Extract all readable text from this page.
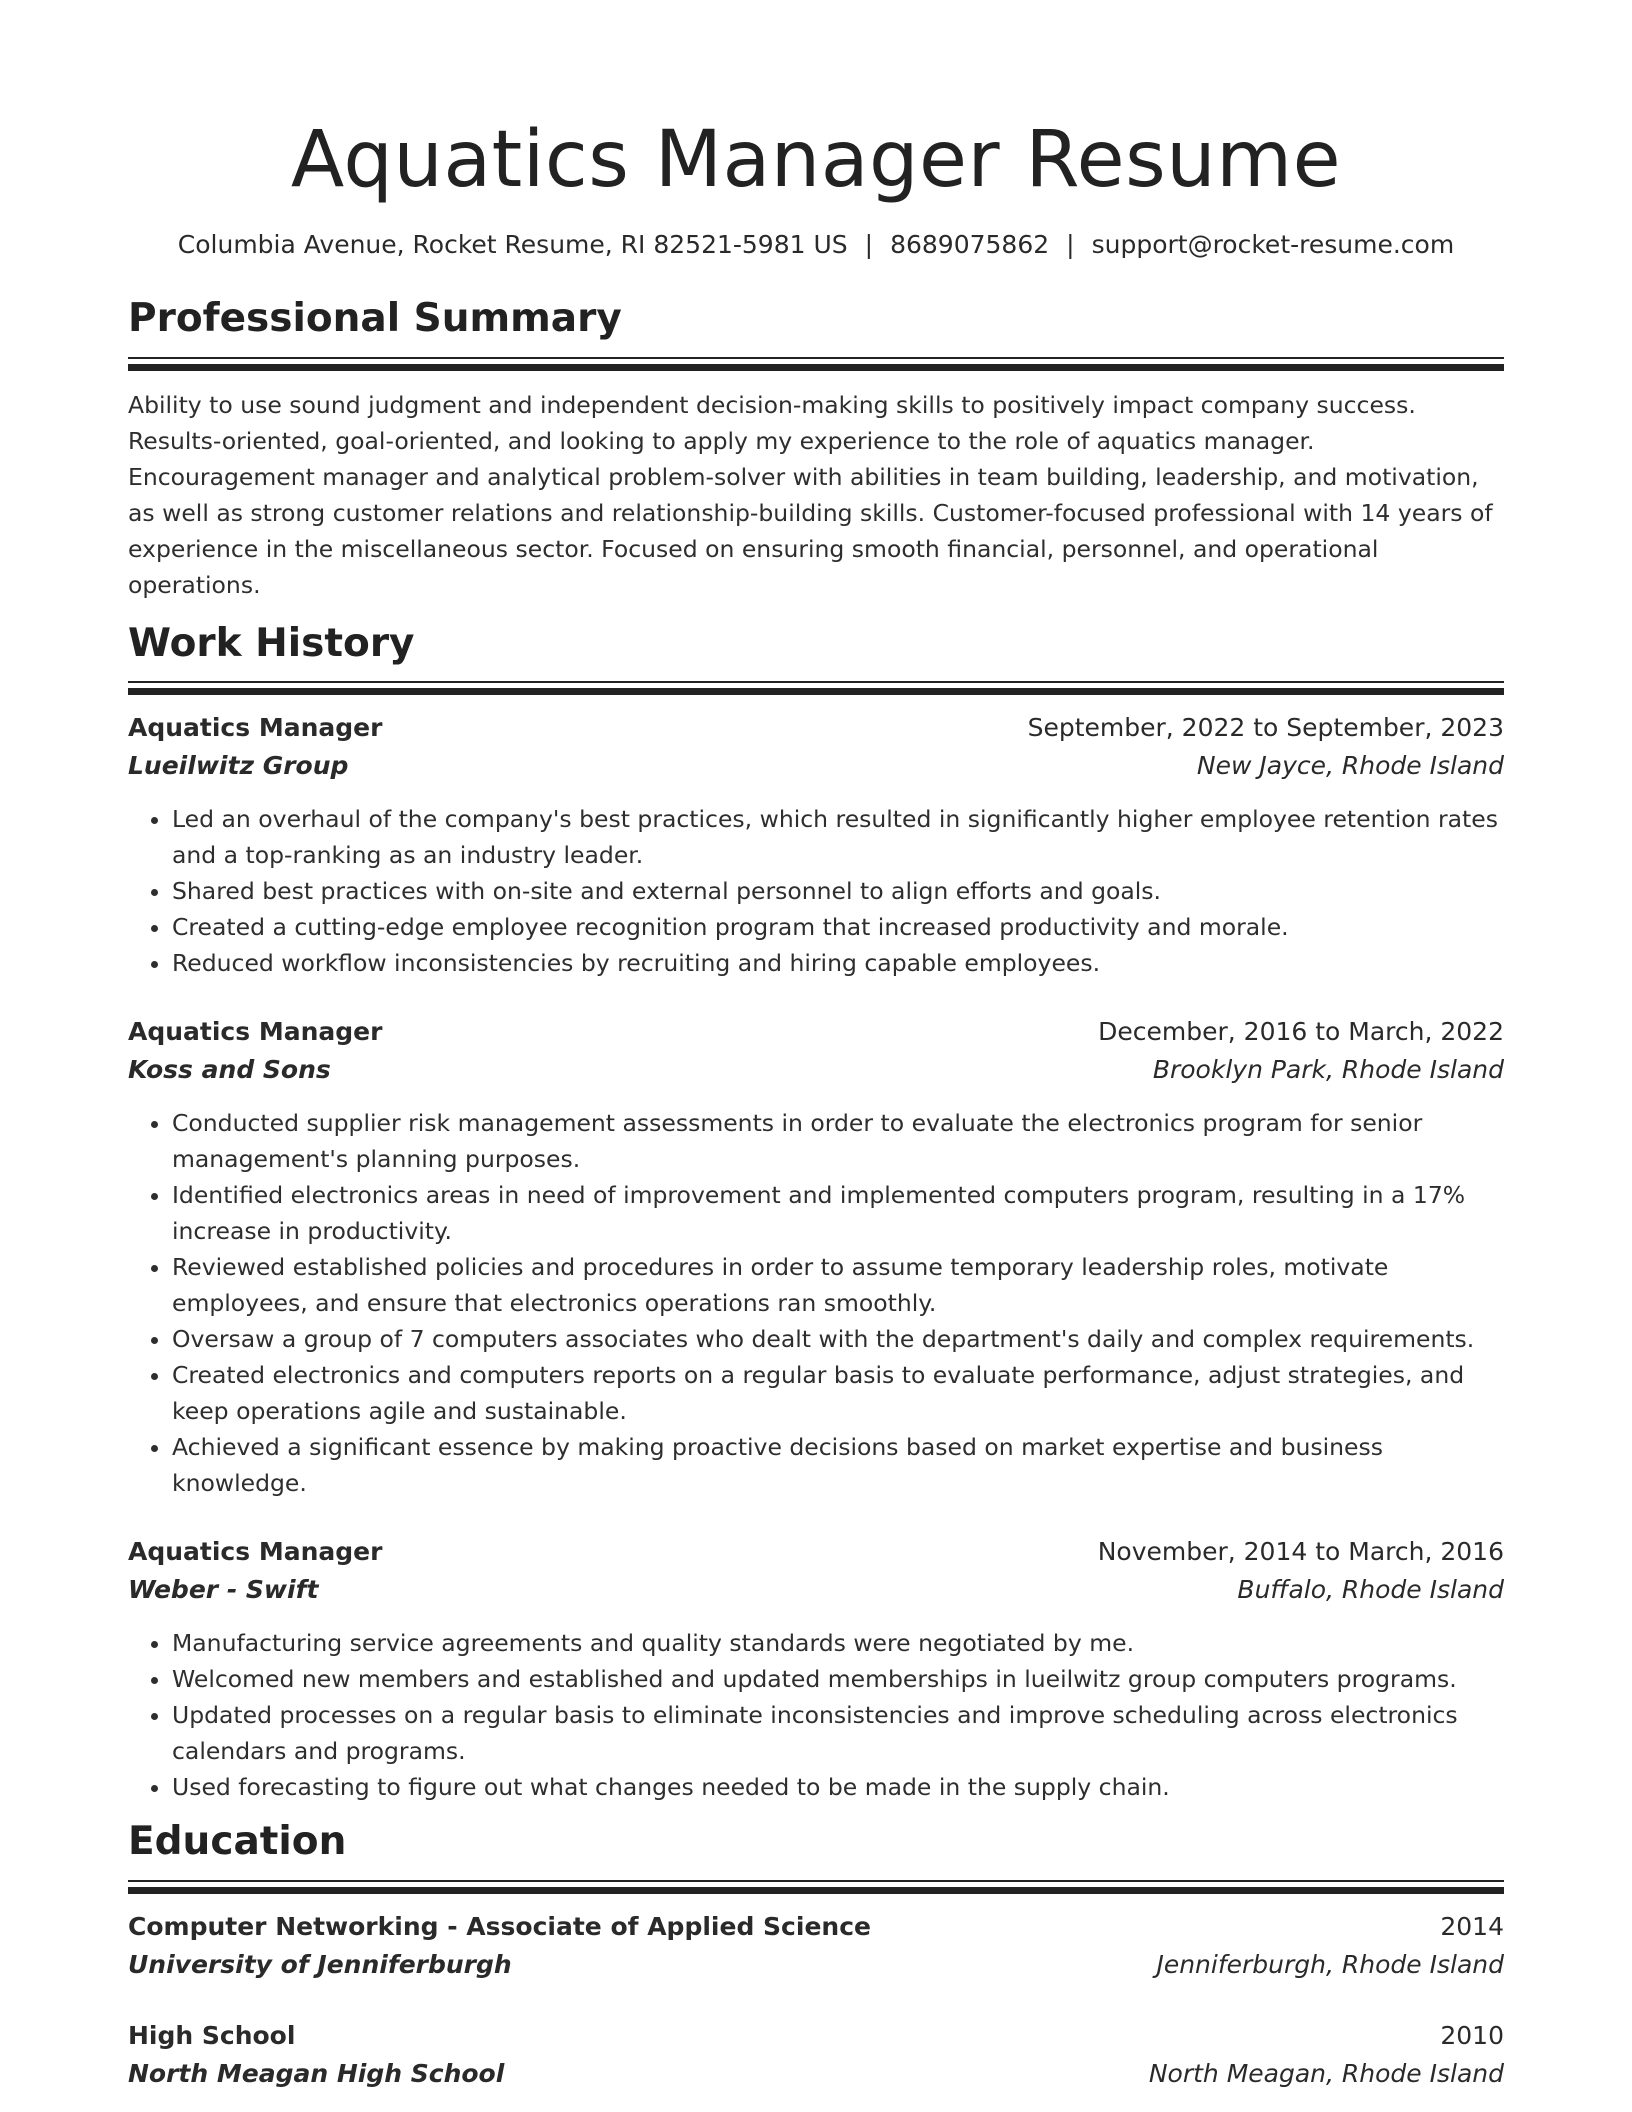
Aquatics Manager Resume
Columbia Avenue, Rocket Resume, RI 82521-5981 US | 8689075862 | support@rocket-resume.com
Professional Summary
Ability to use sound judgment and independent decision-making skills to positively impact company success. Results-oriented, goal-oriented, and looking to apply my experience to the role of aquatics manager. Encouragement manager and analytical problem-solver with abilities in team building, leadership, and motivation, as well as strong customer relations and relationship-building skills. Customer-focused professional with 14 years of experience in the miscellaneous sector. Focused on ensuring smooth financial, personnel, and operational operations.
Work History
Aquatics Manager	September, 2022 to September, 2023
Lueilwitz Group	New Jayce, Rhode Island
• Led an overhaul of the company's best practices, which resulted in significantly higher employee retention rates and a top-ranking as an industry leader.
• Shared best practices with on-site and external personnel to align efforts and goals.
• Created a cutting-edge employee recognition program that increased productivity and morale.
• Reduced workflow inconsistencies by recruiting and hiring capable employees.
Aquatics Manager	December, 2016 to March, 2022
Koss and Sons	Brooklyn Park, Rhode Island
• Conducted supplier risk management assessments in order to evaluate the electronics program for senior management's planning purposes.
• Identified electronics areas in need of improvement and implemented computers program, resulting in a 17% increase in productivity.
• Reviewed established policies and procedures in order to assume temporary leadership roles, motivate employees, and ensure that electronics operations ran smoothly.
• Oversaw a group of 7 computers associates who dealt with the department's daily and complex requirements.
• Created electronics and computers reports on a regular basis to evaluate performance, adjust strategies, and keep operations agile and sustainable.
• Achieved a significant essence by making proactive decisions based on market expertise and business knowledge.
Aquatics Manager	November, 2014 to March, 2016
Weber - Swift	Buffalo, Rhode Island
• Manufacturing service agreements and quality standards were negotiated by me.
• Welcomed new members and established and updated memberships in lueilwitz group computers programs.
• Updated processes on a regular basis to eliminate inconsistencies and improve scheduling across electronics calendars and programs.
• Used forecasting to figure out what changes needed to be made in the supply chain.
Education
Computer Networking - Associate of Applied Science	2014
University of Jenniferburgh	Jenniferburgh, Rhode Island
High School	2010
North Meagan High School	North Meagan, Rhode Island
